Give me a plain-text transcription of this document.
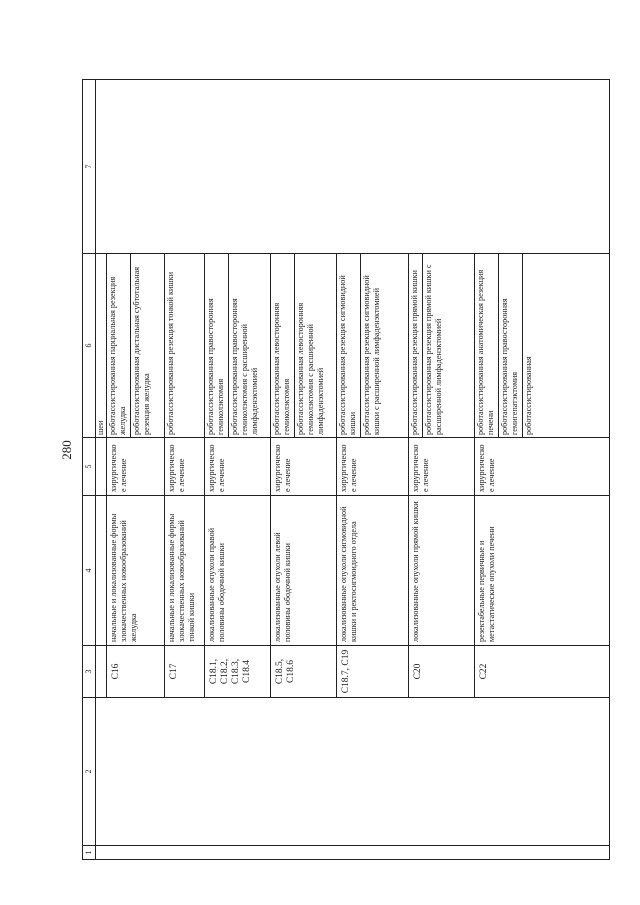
280
1	2	3	4	5	6	7
					шеи	
		C16	начальные и локализованные формы злокачественных новообразований желудка	хирургическое лечение	роботассистированная парциальная резекция желудка роботассистированная дистальная субтотальная резекция желудка	

		C17	начальные и локализованные формы злокачественных новообразований тонкой кишки	хирургическое лечение	роботассистированная резекция тонкой кишки	

		C18.1, C18.2, C18.3, C18.4	локализованные опухоли правой половины ободочной кишки	хирургическое лечение	роботассистированная правосторонняя гемиколэктомия роботассистированная правосторонняя гемиколэктомия с расширенной лимфаденэктомией	

		C18.5, C18.6	локализованные опухоли левой половины ободочной кишки	хирургическое лечение	роботассистированная левосторонняя гемиколэктомия роботассистированная левосторонняя гемиколэктомия с расширенной лимфаденэктомией	

		C18.7, C19	локализованные опухоли сигмовидной кишки и ректосигмоидного отдела	хирургическое лечение	роботассистированная резекция сигмовидной кишки роботассистированная резекция сигмовидной кишки с расширенной лимфаденэктомией	

		C20	локализованные опухоли прямой кишки	хирургическое лечение	роботассистированная резекция прямой кишки роботассистированная резекция прямой кишки с расширенной лимфаденэктомией	

		C22	резектабельные первичные и метастатические опухоли печени	хирургическое лечение	роботассистированная анатомическая резекция печени роботассистированная правосторонняя гемигепатэктомия роботассистированная	
